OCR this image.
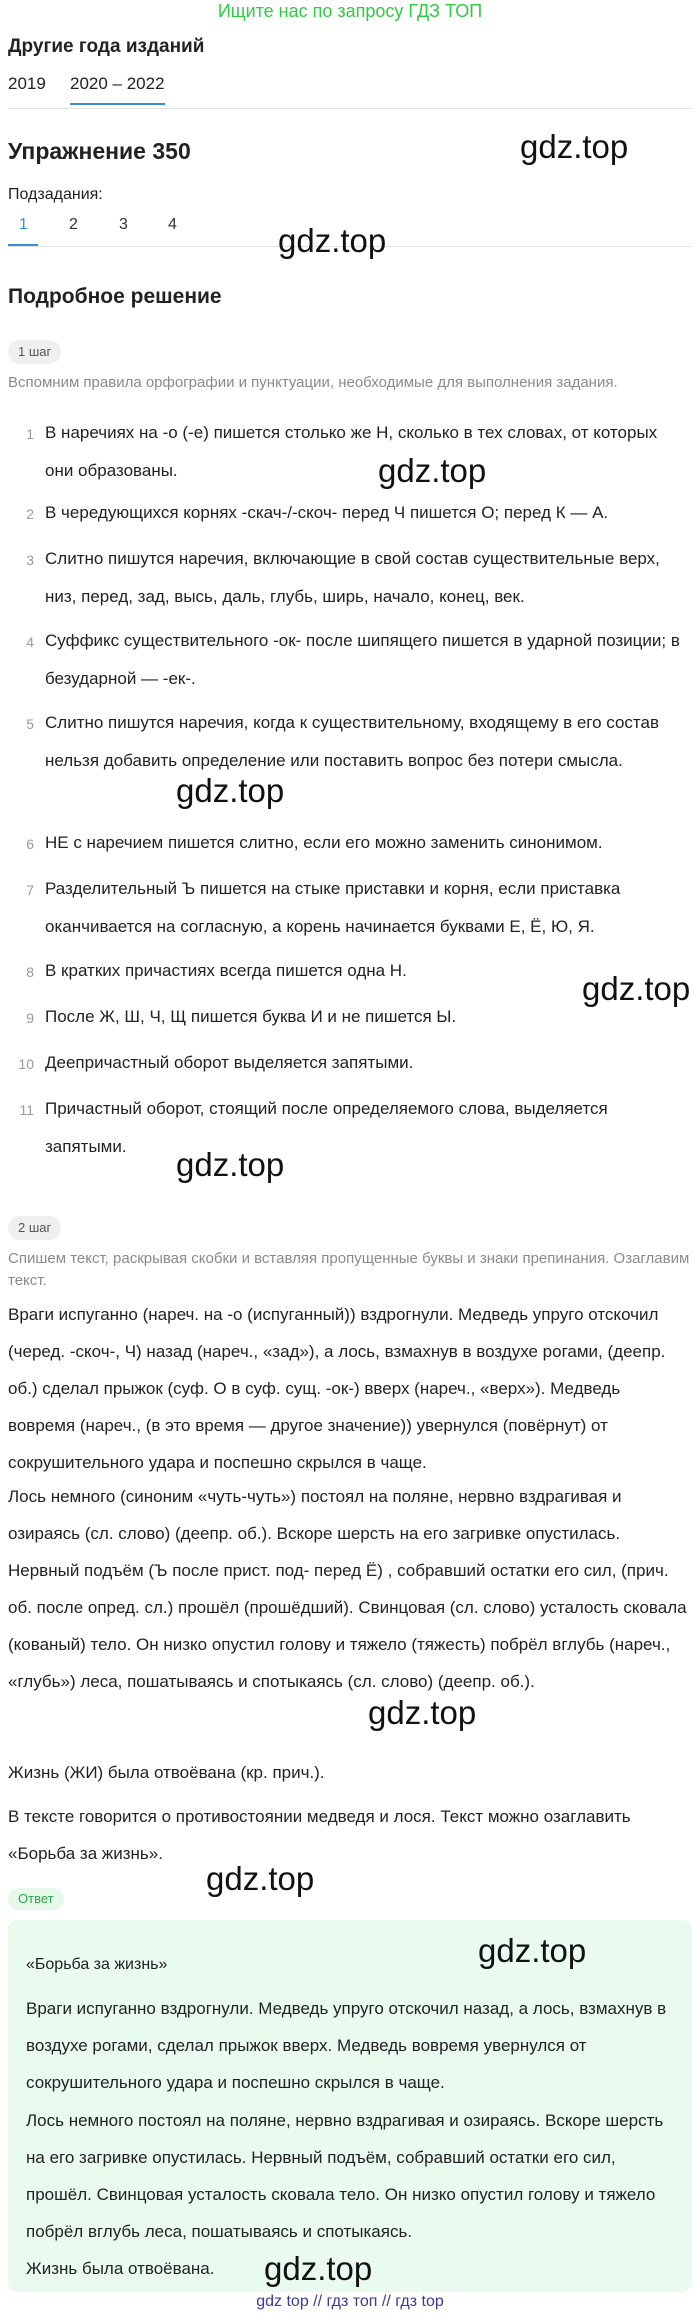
Ищите нас по запросу ГДЗ ТОП
Другие года изданий
2019 2020 – 2022
Упражнение 350	gdz.top
Подзадания:
1	2	3	4	gdz.top
Подробное решение
1 шаг
Вспомним правила орфографии и пунктуации, необходимые для выполнения задания.
1 В наречиях на -о (-е) пишется столько же Н, сколько в тех словах, от которых они образованы.	gdz.top
2 В чередующихся корнях -скач-/-скоч- перед Ч пишется О; перед К — А.
3 Слитно пишутся наречия, включающие в свой состав существительные верх, низ, перед, зад, высь, даль, глубь, ширь, начало, конец, век.
4 Суффикс существительного -ок- после шипящего пишется в ударной позиции; в безударной — -ек-.
5 Слитно пишутся наречия, когда к существительному, входящему в его состав нельзя добавить определение или поставить вопрос без потери смысла.
gdz.top
6 НЕ с наречием пишется слитно, если его можно заменить синонимом.
7 Разделительный Ъ пишется на стыке приставки и корня, если приставка оканчивается на согласную, а корень начинается буквами Е, Ё, Ю, Я.
8 В кратких причастиях всегда пишется одна Н.	gdz.top
9 После Ж, Ш, Ч, Щ пишется буква И и не пишется Ы.
10 Деепричастный оборот выделяется запятыми.
11 Причастный оборот, стоящий после определяемого слова, выделяется запятыми.	gdz.top
2 шаг
Спишем текст, раскрывая скобки и вставляя пропущенные буквы и знаки препинания. Озаглавим текст.
Враги испуганно (нареч. на -о (испуганный)) вздрогнули. Медведь упруго отскочил (черед. -скоч-, Ч) назад (нареч., «зад»), а лось, взмахнув в воздухе рогами, (деепр. об.) сделал прыжок (суф. О в суф. сущ. -ок-) вверх (нареч., «верх»). Медведь вовремя (нареч., (в это время — другое значение)) увернулся (повёрнут) от сокрушительного удара и поспешно скрылся в чаще.
Лось немного (синоним «чуть-чуть») постоял на поляне, нервно вздрагивая и озираясь (сл. слово) (деепр. об.). Вскоре шерсть на его загривке опустилась. Нервный подъём (Ъ после прист. под- перед Ё) , собравший остатки его сил, (прич. об. после опред. сл.) прошёл (прошёдший). Свинцовая (сл. слово) усталость сковала (кованый) тело. Он низко опустил голову и тяжело (тяжесть) побрёл вглубь (нареч., «глубь») леса, пошатываясь и спотыкаясь (сл. слово) (деепр. об.).
gdz.top
Жизнь (ЖИ) была отвоёвана (кр. прич.).
В тексте говорится о противостоянии медведя и лося. Текст можно озаглавить «Борьба за жизнь».
gdz.top
Ответ
«Борьба за жизнь»	gdz.top
Враги испуганно вздрогнули. Медведь упруго отскочил назад, а лось, взмахнув в воздухе рогами, сделал прыжок вверх. Медведь вовремя увернулся от сокрушительного удара и поспешно скрылся в чаще.
Лось немного постоял на поляне, нервно вздрагивая и озираясь. Вскоре шерсть на его загривке опустилась. Нервный подъём, собравший остатки его сил, прошёл. Свинцовая усталость сковала тело. Он низко опустил голову и тяжело побрёл вглубь леса, пошатываясь и спотыкаясь.
Жизнь была отвоёвана.	gdz.top
gdz top // гдз топ // гдз top
